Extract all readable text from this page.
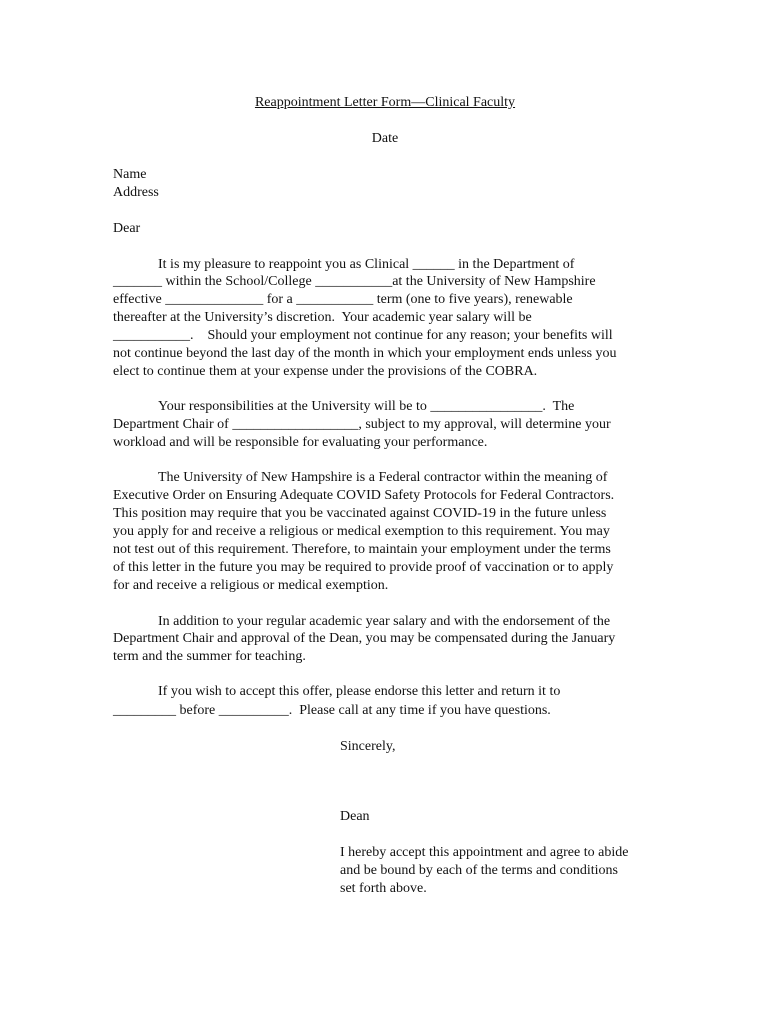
Reappointment Letter Form—Clinical Faculty
Date
Name
Address
Dear
It is my pleasure to reappoint you as Clinical ______ in the Department of
_______ within the School/College ___________at the University of New Hampshire
effective ______________ for a ___________ term (one to five years), renewable
thereafter at the University’s discretion.  Your academic year salary will be
___________.    Should your employment not continue for any reason; your benefits will
not continue beyond the last day of the month in which your employment ends unless you
elect to continue them at your expense under the provisions of the COBRA.
Your responsibilities at the University will be to ________________.  The
Department Chair of __________________, subject to my approval, will determine your
workload and will be responsible for evaluating your performance.
The University of New Hampshire is a Federal contractor within the meaning of
Executive Order on Ensuring Adequate COVID Safety Protocols for Federal Contractors.
This position may require that you be vaccinated against COVID-19 in the future unless
you apply for and receive a religious or medical exemption to this requirement. You may
not test out of this requirement. Therefore, to maintain your employment under the terms
of this letter in the future you may be required to provide proof of vaccination or to apply
for and receive a religious or medical exemption.
In addition to your regular academic year salary and with the endorsement of the
Department Chair and approval of the Dean, you may be compensated during the January
term and the summer for teaching.
If you wish to accept this offer, please endorse this letter and return it to
_________ before __________.  Please call at any time if you have questions.
Sincerely,
Dean
I hereby accept this appointment and agree to abide
and be bound by each of the terms and conditions
set forth above.
